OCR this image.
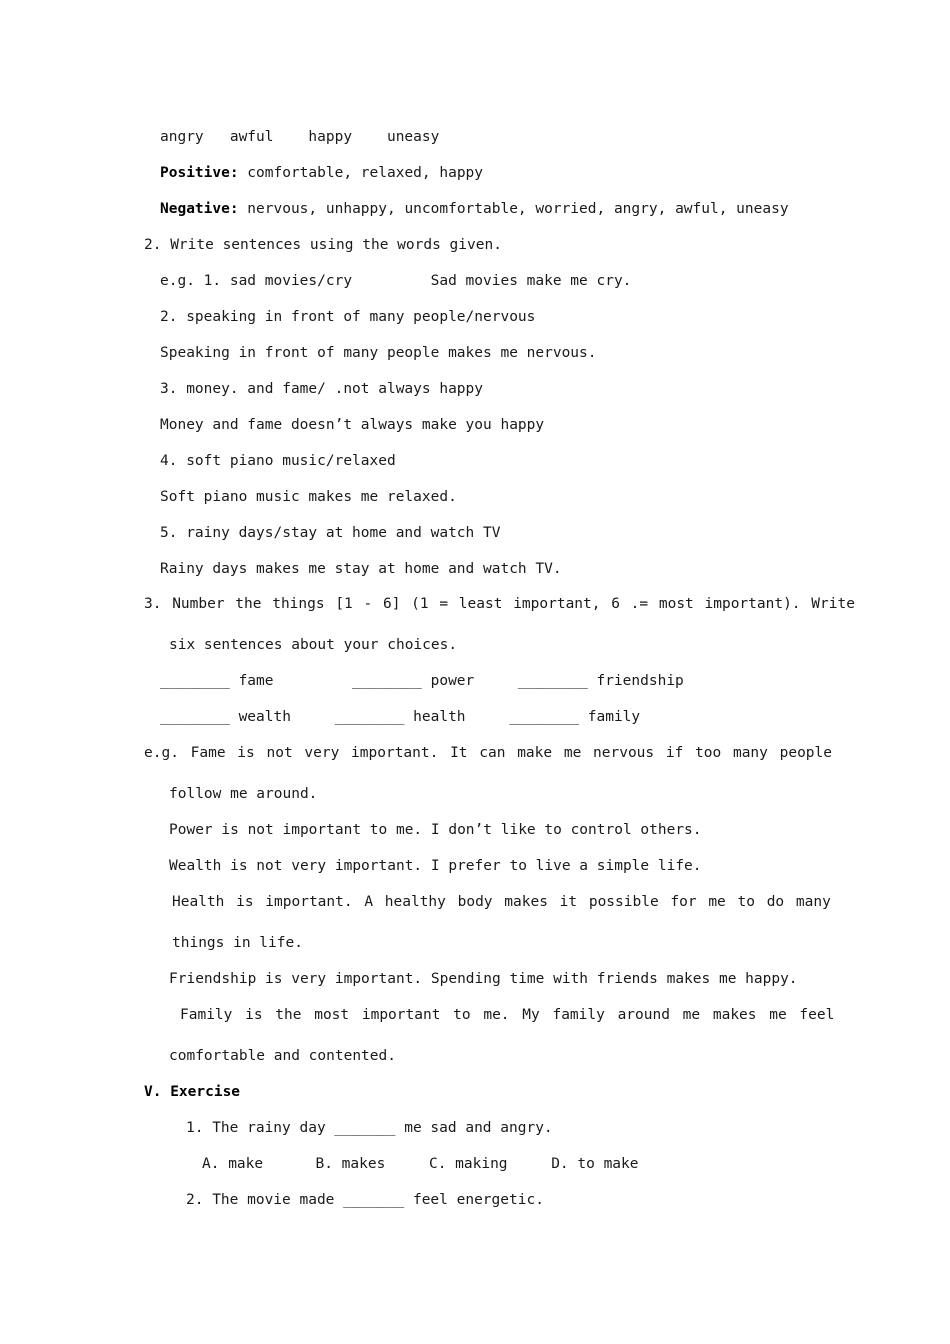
angry   awful    happy    uneasy
Positive: comfortable, relaxed, happy
Negative: nervous, unhappy, uncomfortable, worried, angry, awful, uneasy
2. Write sentences using the words given.
e.g. 1. sad movies/cry         Sad movies make me cry.
2. speaking in front of many people/nervous
Speaking in front of many people makes me nervous.
3. money. and fame/ .not always happy
Money and fame doesn’t always make you happy
4. soft piano music/relaxed
Soft piano music makes me relaxed.
5. rainy days/stay at home and watch TV
Rainy days makes me stay at home and watch TV.
3. Number the things [1 - 6] (1 = least important, 6 .= most important). Write
six sentences about your choices.
________ fame         ________ power     ________ friendship
________ wealth     ________ health     ________ family
e.g. Fame is not very important. It can make me nervous if too many people
follow me around.
Power is not important to me. I don’t like to control others.
Wealth is not very important. I prefer to live a simple life.
Health is important. A healthy body makes it possible for me to do many
things in life.
Friendship is very important. Spending time with friends makes me happy.
Family is the most important to me. My family around me makes me feel
comfortable and contented.
V. Exercise
1. The rainy day _______ me sad and angry.
A. make      B. makes     C. making     D. to make
2. The movie made _______ feel energetic.
